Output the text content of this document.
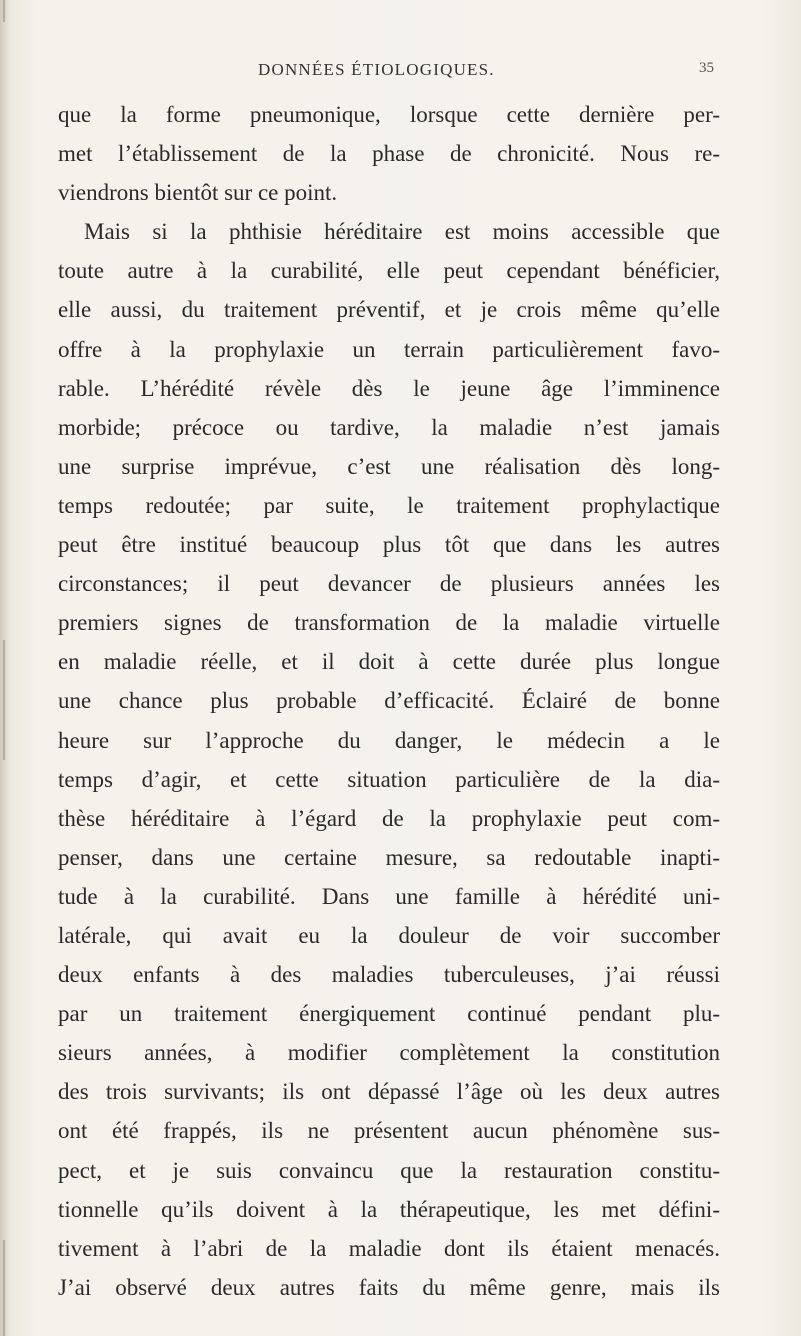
DONNÉES ÉTIOLOGIQUES.	35
que la forme pneumonique, lorsque cette dernière per-
met l’établissement de la phase de chronicité. Nous re-
viendrons bientôt sur ce point.
Mais si la phthisie héréditaire est moins accessible que
toute autre à la curabilité, elle peut cependant bénéficier,
elle aussi, du traitement préventif, et je crois même qu’elle
offre à la prophylaxie un terrain particulièrement favo-
rable. L’hérédité révèle dès le jeune âge l’imminence
morbide; précoce ou tardive, la maladie n’est jamais
une surprise imprévue, c’est une réalisation dès long-
temps redoutée; par suite, le traitement prophylactique
peut être institué beaucoup plus tôt que dans les autres
circonstances; il peut devancer de plusieurs années les
premiers signes de transformation de la maladie virtuelle
en maladie réelle, et il doit à cette durée plus longue
une chance plus probable d’efficacité. Éclairé de bonne
heure sur l’approche du danger, le médecin a le
temps d’agir, et cette situation particulière de la dia-
thèse héréditaire à l’égard de la prophylaxie peut com-
penser, dans une certaine mesure, sa redoutable inapti-
tude à la curabilité. Dans une famille à hérédité uni-
latérale, qui avait eu la douleur de voir succomber
deux enfants à des maladies tuberculeuses, j’ai réussi
par un traitement énergiquement continué pendant plu-
sieurs années, à modifier complètement la constitution
des trois survivants; ils ont dépassé l’âge où les deux autres
ont été frappés, ils ne présentent aucun phénomène sus-
pect, et je suis convaincu que la restauration constitu-
tionnelle qu’ils doivent à la thérapeutique, les met défini-
tivement à l’abri de la maladie dont ils étaient menacés.
J’ai observé deux autres faits du même genre, mais ils
